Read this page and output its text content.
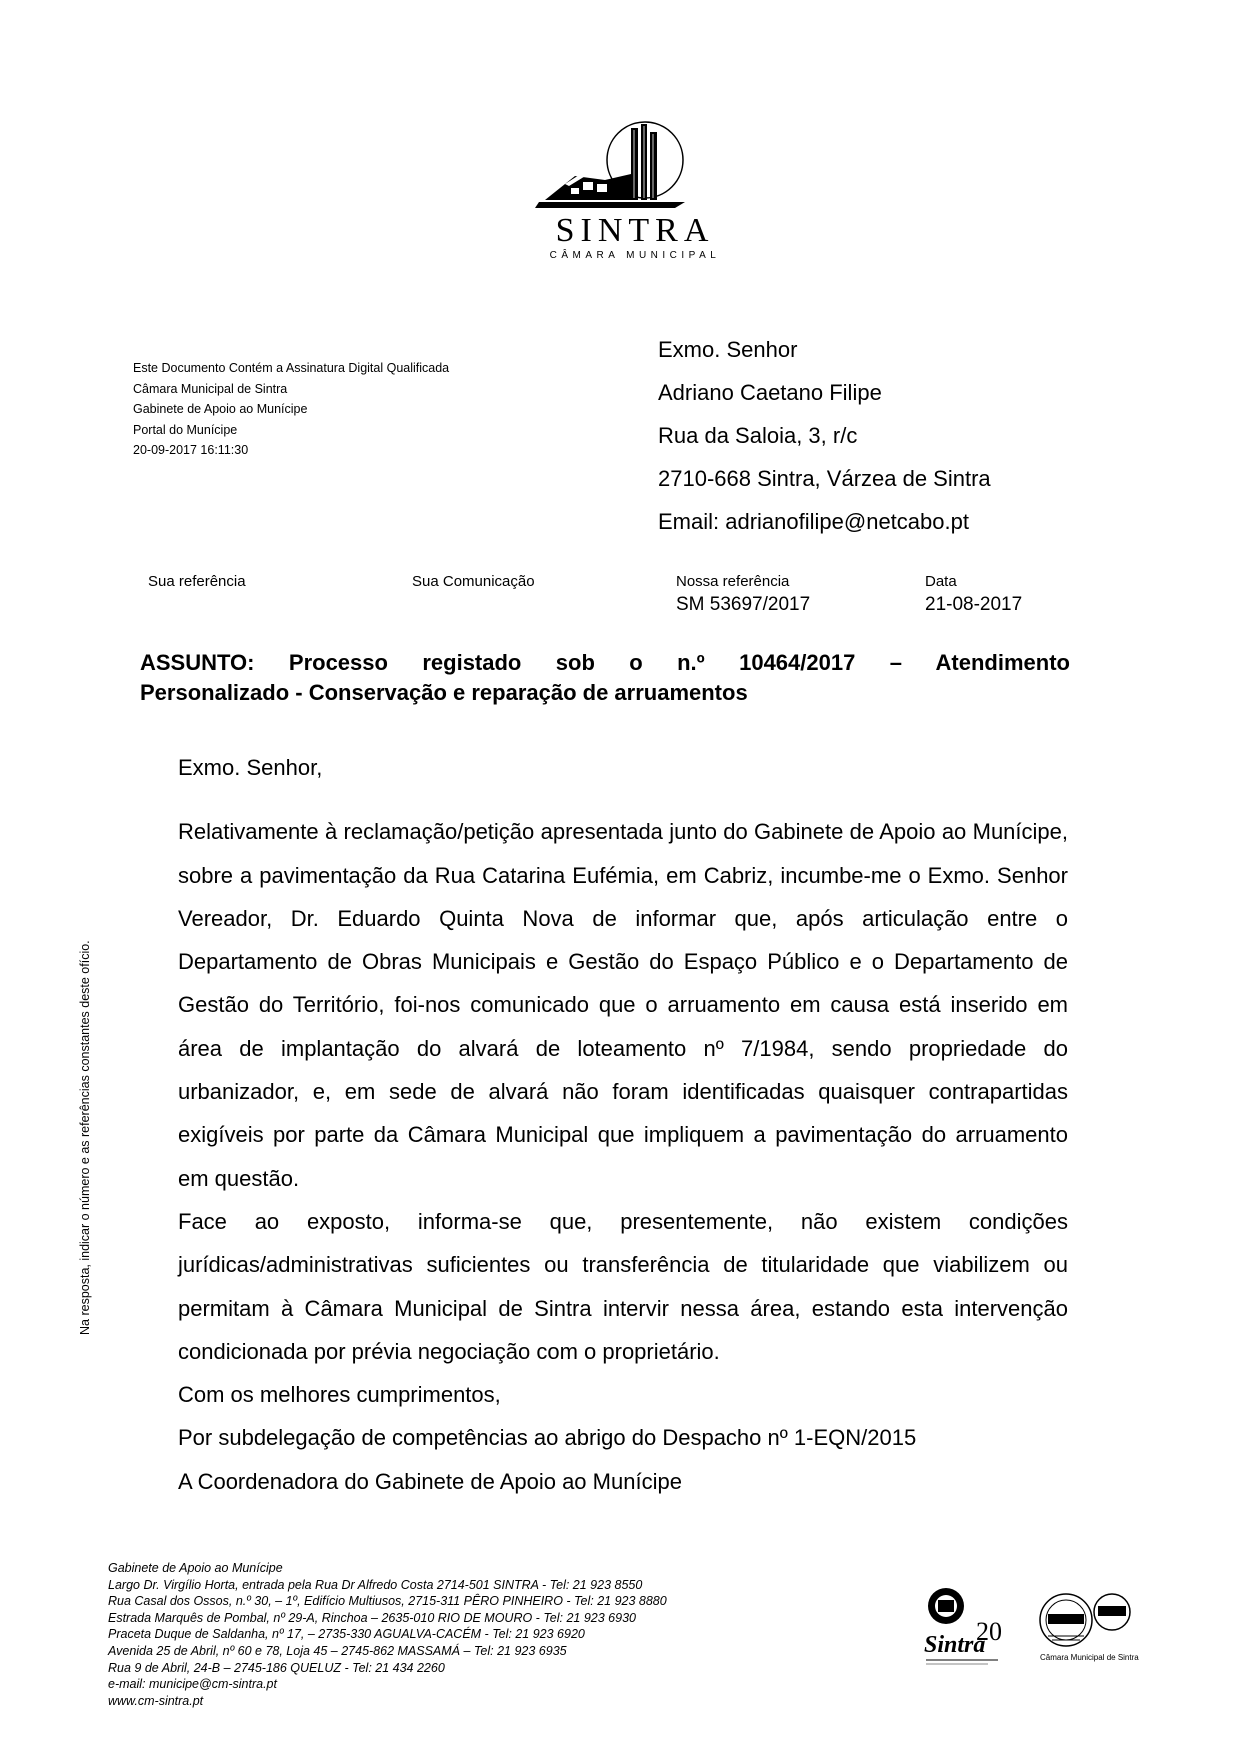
SINTRA
CÂMARA MUNICIPAL
Este Documento Contém a Assinatura Digital Qualificada
Câmara Municipal de Sintra
Gabinete de Apoio ao Munícipe
Portal do Munícipe
20-09-2017 16:11:30
Exmo. Senhor
Adriano Caetano Filipe
Rua da Saloia, 3, r/c
2710-668 Sintra, Várzea de Sintra
Email: adrianofilipe@netcabo.pt
Sua referência	Sua Comunicação	Nossa referência
SM 53697/2017
Data
21-08-2017
ASSUNTO: Processo registado sob o n.º 10464/2017 – Atendimento
Personalizado - Conservação e reparação de arruamentos

Exmo. Senhor,

Relativamente à reclamação/petição apresentada junto do Gabinete de Apoio ao Munícipe, sobre a pavimentação da Rua Catarina Eufémia, em Cabriz, incumbe-me o Exmo. Senhor Vereador, Dr. Eduardo Quinta Nova de informar que, após articulação entre o Departamento de Obras Municipais e Gestão do Espaço Público e o Departamento de Gestão do Território, foi-nos comunicado que o arruamento em causa está inserido em área de implantação do alvará de loteamento nº 7/1984, sendo propriedade do urbanizador, e, em sede de alvará não foram identificadas quaisquer contrapartidas exigíveis por parte da Câmara Municipal que impliquem a pavimentação do arruamento em questão.

Face ao exposto, informa-se que, presentemente, não existem condições jurídicas/administrativas suficientes ou transferência de titularidade que viabilizem ou permitam à Câmara Municipal de Sintra intervir nessa área, estando esta intervenção condicionada por prévia negociação com o proprietário.

Com os melhores cumprimentos,

Por subdelegação de competências ao abrigo do Despacho nº 1-EQN/2015

A Coordenadora do Gabinete de Apoio ao Munícipe

Na resposta, indicar o número e as referências constantes deste ofício.
Gabinete de Apoio ao Munícipe
Largo Dr. Virgílio Horta, entrada pela Rua Dr Alfredo Costa 2714-501 SINTRA - Tel: 21 923 8550
Rua Casal dos Ossos, n.º 30, – 1º, Edifício Multiusos, 2715-311 PÊRO PINHEIRO - Tel: 21 923 8880
Estrada Marquês de Pombal, nº 29-A, Rinchoa – 2635-010 RIO DE MOURO - Tel: 21 923 6930
Praceta Duque de Saldanha, nº 17, – 2735-330 AGUALVA-CACÉM - Tel: 21 923 6920
Avenida 25 de Abril, nº 60 e 78, Loja 45 – 2745-862 MASSAMÁ – Tel: 21 923 6935
Rua 9 de Abril, 24-B – 2745-186 QUELUZ - Tel: 21 434 2260
e-mail: municipe@cm-sintra.pt
www.cm-sintra.pt
Sintra
20
Câmara Municipal de Sintra
